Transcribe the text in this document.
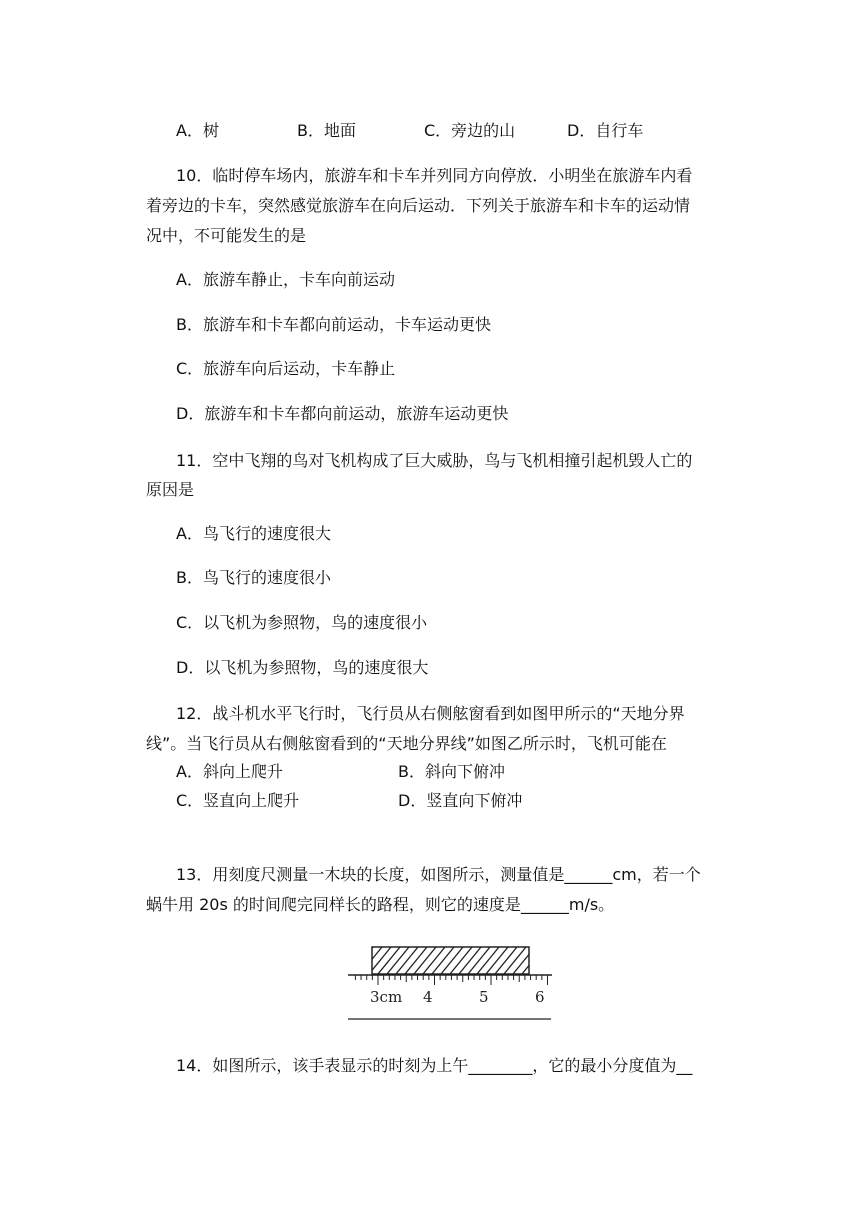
A．树	B．地面	C．旁边的山	D．自行车
10．临时停车场内，旅游车和卡车并列同方向停放．小明坐在旅游车内看
着旁边的卡车，突然感觉旅游车在向后运动．下列关于旅游车和卡车的运动情
况中，不可能发生的是
A．旅游车静止，卡车向前运动
B．旅游车和卡车都向前运动，卡车运动更快
C．旅游车向后运动，卡车静止
D．旅游车和卡车都向前运动，旅游车运动更快
11．空中飞翔的鸟对飞机构成了巨大威胁，鸟与飞机相撞引起机毁人亡的
原因是
A．鸟飞行的速度很大
B．鸟飞行的速度很小
C．以飞机为参照物，鸟的速度很小
D．以飞机为参照物，鸟的速度很大
12．战斗机水平飞行时，飞行员从右侧舷窗看到如图甲所示的“天地分界
线”。当飞行员从右侧舷窗看到的“天地分界线”如图乙所示时，飞机可能在
A．斜向上爬升	B．斜向下俯冲
C．竖直向上爬升	D．竖直向下俯冲
13．用刻度尺测量一木块的长度，如图所示，测量值是______cm，若一个
蜗牛用 20s 的时间爬完同样长的路程，则它的速度是______m/s。
3cm 4	5	6
14．如图所示，该手表显示的时刻为上午________，它的最小分度值为__
